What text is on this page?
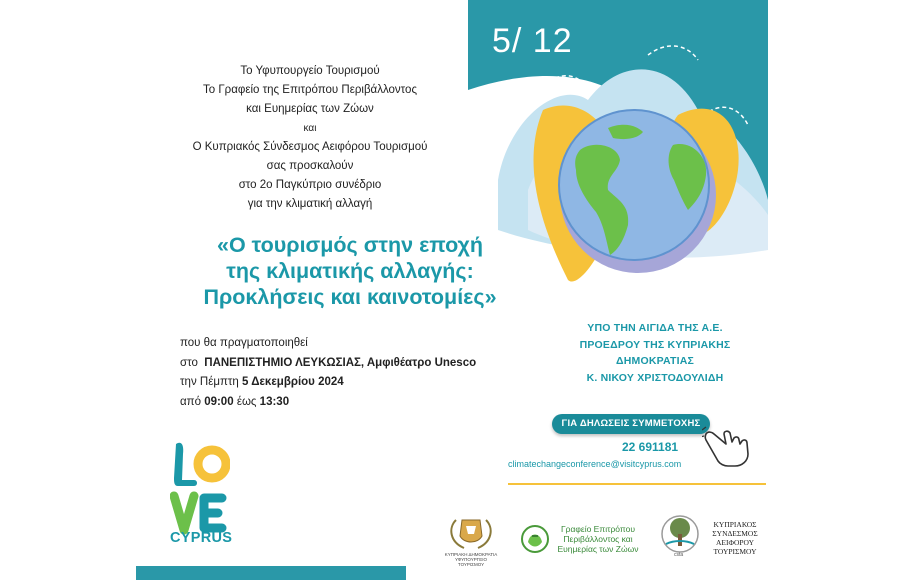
5/ 12
Το Υφυπουργείο Τουρισμού
Το Γραφείο της Επιτρόπου Περιβάλλοντος
και Ευημερίας των Ζώων
και
Ο Κυπριακός Σύνδεσμος Αειφόρου Τουρισμού
σας προσκαλούν
στο 2ο Παγκύπριο συνέδριο
για την κλιματική αλλαγή
«Ο τουρισμός στην εποχή
της κλιματικής αλλαγής:
Προκλήσεις και καινοτομίες»
που θα πραγματοποιηθεί
στο ΠΑΝΕΠΙΣΤΗΜΙΟ ΛΕΥΚΩΣΙΑΣ, Αμφιθέατρο Unesco
την Πέμπτη 5 Δεκεμβρίου 2024
από 09:00 έως 13:30
ΥΠΟ ΤΗΝ ΑΙΓΙΔΑ ΤΗΣ Α.Ε.
ΠΡΟΕΔΡΟΥ ΤΗΣ ΚΥΠΡΙΑΚΗΣ
ΔΗΜΟΚΡΑΤΙΑΣ
Κ. ΝΙΚΟΥ ΧΡΙΣΤΟΔΟΥΛΙΔΗ
ΓΙΑ ΔΗΛΩΣΕΙΣ ΣΥΜΜΕΤΟΧΗΣ
22 691181
climatechangeconference@visitcyprus.com
CYPRUS
ΚΥΠΡΙΑΚΗ ΔΗΜΟΚΡΑΤΙΑ
ΥΦΥΠΟΥΡΓΕΙΟ ΤΟΥΡΙΣΜΟΥ
Γραφείο Επιτρόπου
Περιβάλλοντος και
Ευημερίας των Ζώων
csta
ΚΥΠΡΙΑΚΟΣ
ΣΥΝΔΕΣΜΟΣ
ΑΕΙΦΟΡΟΥ
ΤΟΥΡΙΣΜΟΥ
